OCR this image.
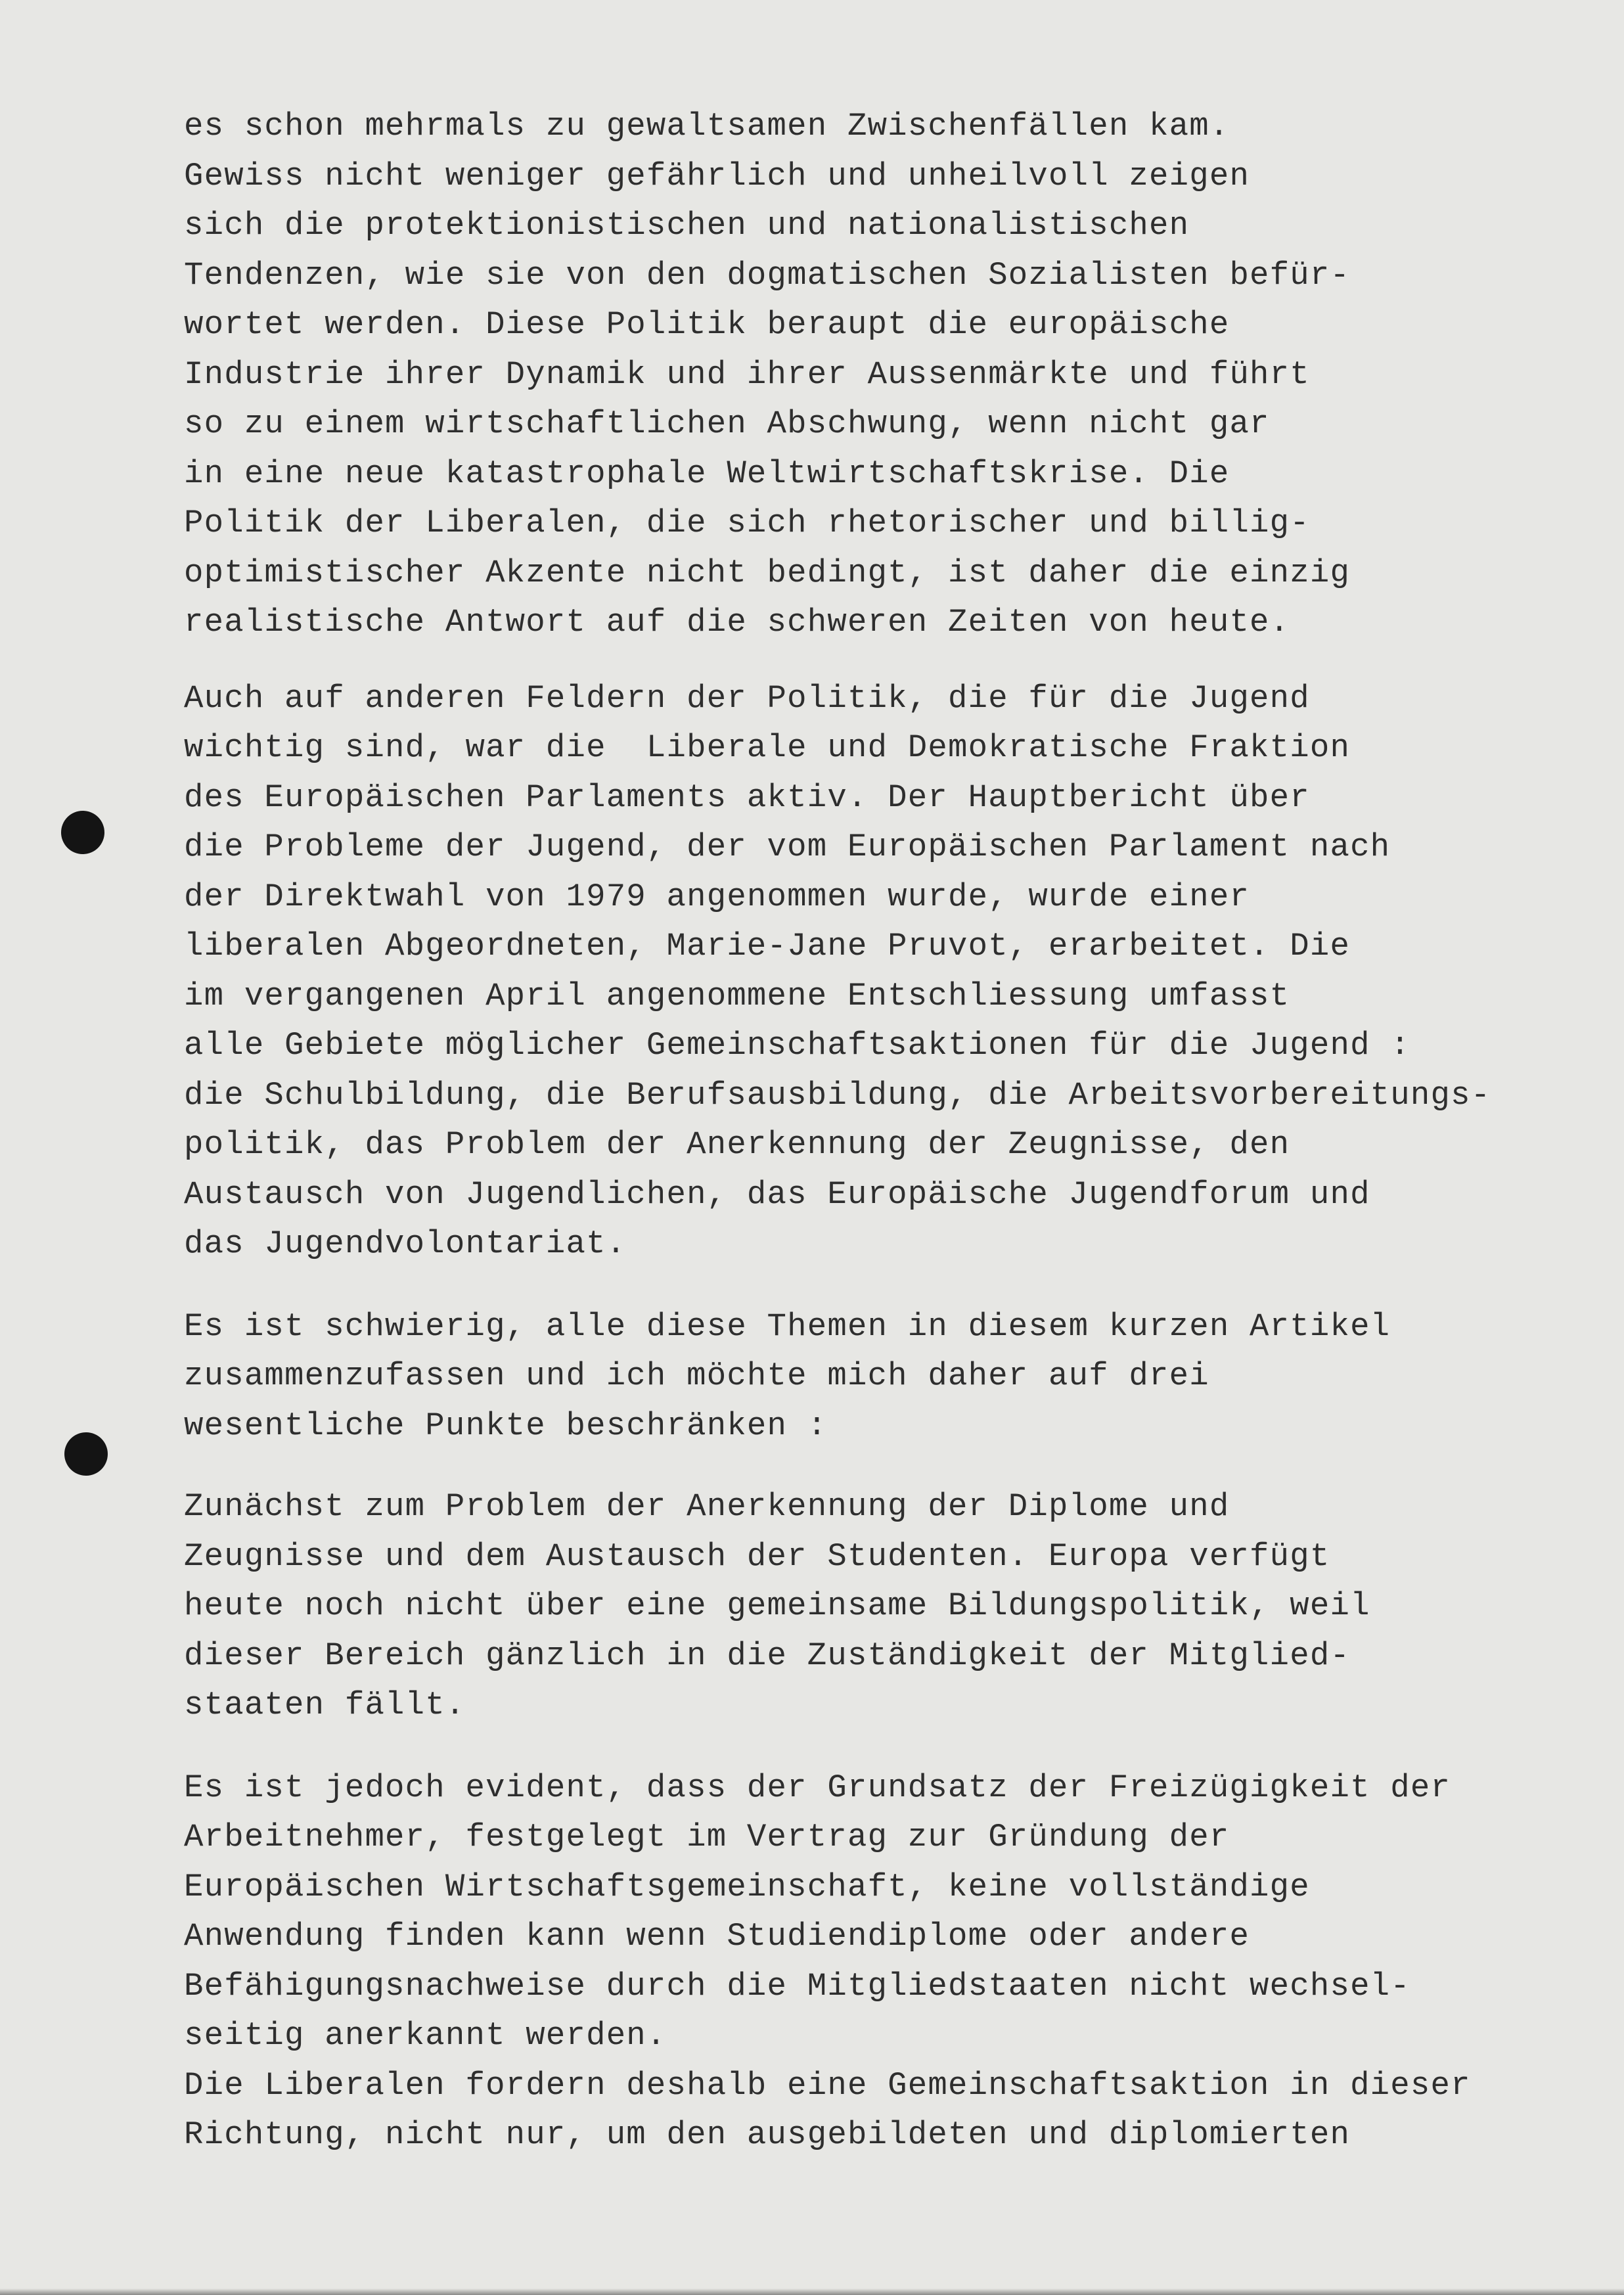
es schon mehrmals zu gewaltsamen Zwischenfällen kam.
Gewiss nicht weniger gefährlich und unheilvoll zeigen
sich die protektionistischen und nationalistischen
Tendenzen, wie sie von den dogmatischen Sozialisten befür-
wortet werden. Diese Politik beraupt die europäische
Industrie ihrer Dynamik und ihrer Aussenmärkte und führt
so zu einem wirtschaftlichen Abschwung, wenn nicht gar
in eine neue katastrophale Weltwirtschaftskrise. Die
Politik der Liberalen, die sich rhetorischer und billig-
optimistischer Akzente nicht bedingt, ist daher die einzig
realistische Antwort auf die schweren Zeiten von heute.
Auch auf anderen Feldern der Politik, die für die Jugend
wichtig sind, war die  Liberale und Demokratische Fraktion
des Europäischen Parlaments aktiv. Der Hauptbericht über
die Probleme der Jugend, der vom Europäischen Parlament nach
der Direktwahl von 1979 angenommen wurde, wurde einer
liberalen Abgeordneten, Marie-Jane Pruvot, erarbeitet. Die
im vergangenen April angenommene Entschliessung umfasst
alle Gebiete möglicher Gemeinschaftsaktionen für die Jugend :
die Schulbildung, die Berufsausbildung, die Arbeitsvorbereitungs-
politik, das Problem der Anerkennung der Zeugnisse, den
Austausch von Jugendlichen, das Europäische Jugendforum und
das Jugendvolontariat.
Es ist schwierig, alle diese Themen in diesem kurzen Artikel
zusammenzufassen und ich möchte mich daher auf drei
wesentliche Punkte beschränken :
Zunächst zum Problem der Anerkennung der Diplome und
Zeugnisse und dem Austausch der Studenten. Europa verfügt
heute noch nicht über eine gemeinsame Bildungspolitik, weil
dieser Bereich gänzlich in die Zuständigkeit der Mitglied-
staaten fällt.
Es ist jedoch evident, dass der Grundsatz der Freizügigkeit der
Arbeitnehmer, festgelegt im Vertrag zur Gründung der
Europäischen Wirtschaftsgemeinschaft, keine vollständige
Anwendung finden kann wenn Studiendiplome oder andere
Befähigungsnachweise durch die Mitgliedstaaten nicht wechsel-
seitig anerkannt werden.
Die Liberalen fordern deshalb eine Gemeinschaftsaktion in dieser
Richtung, nicht nur, um den ausgebildeten und diplomierten
